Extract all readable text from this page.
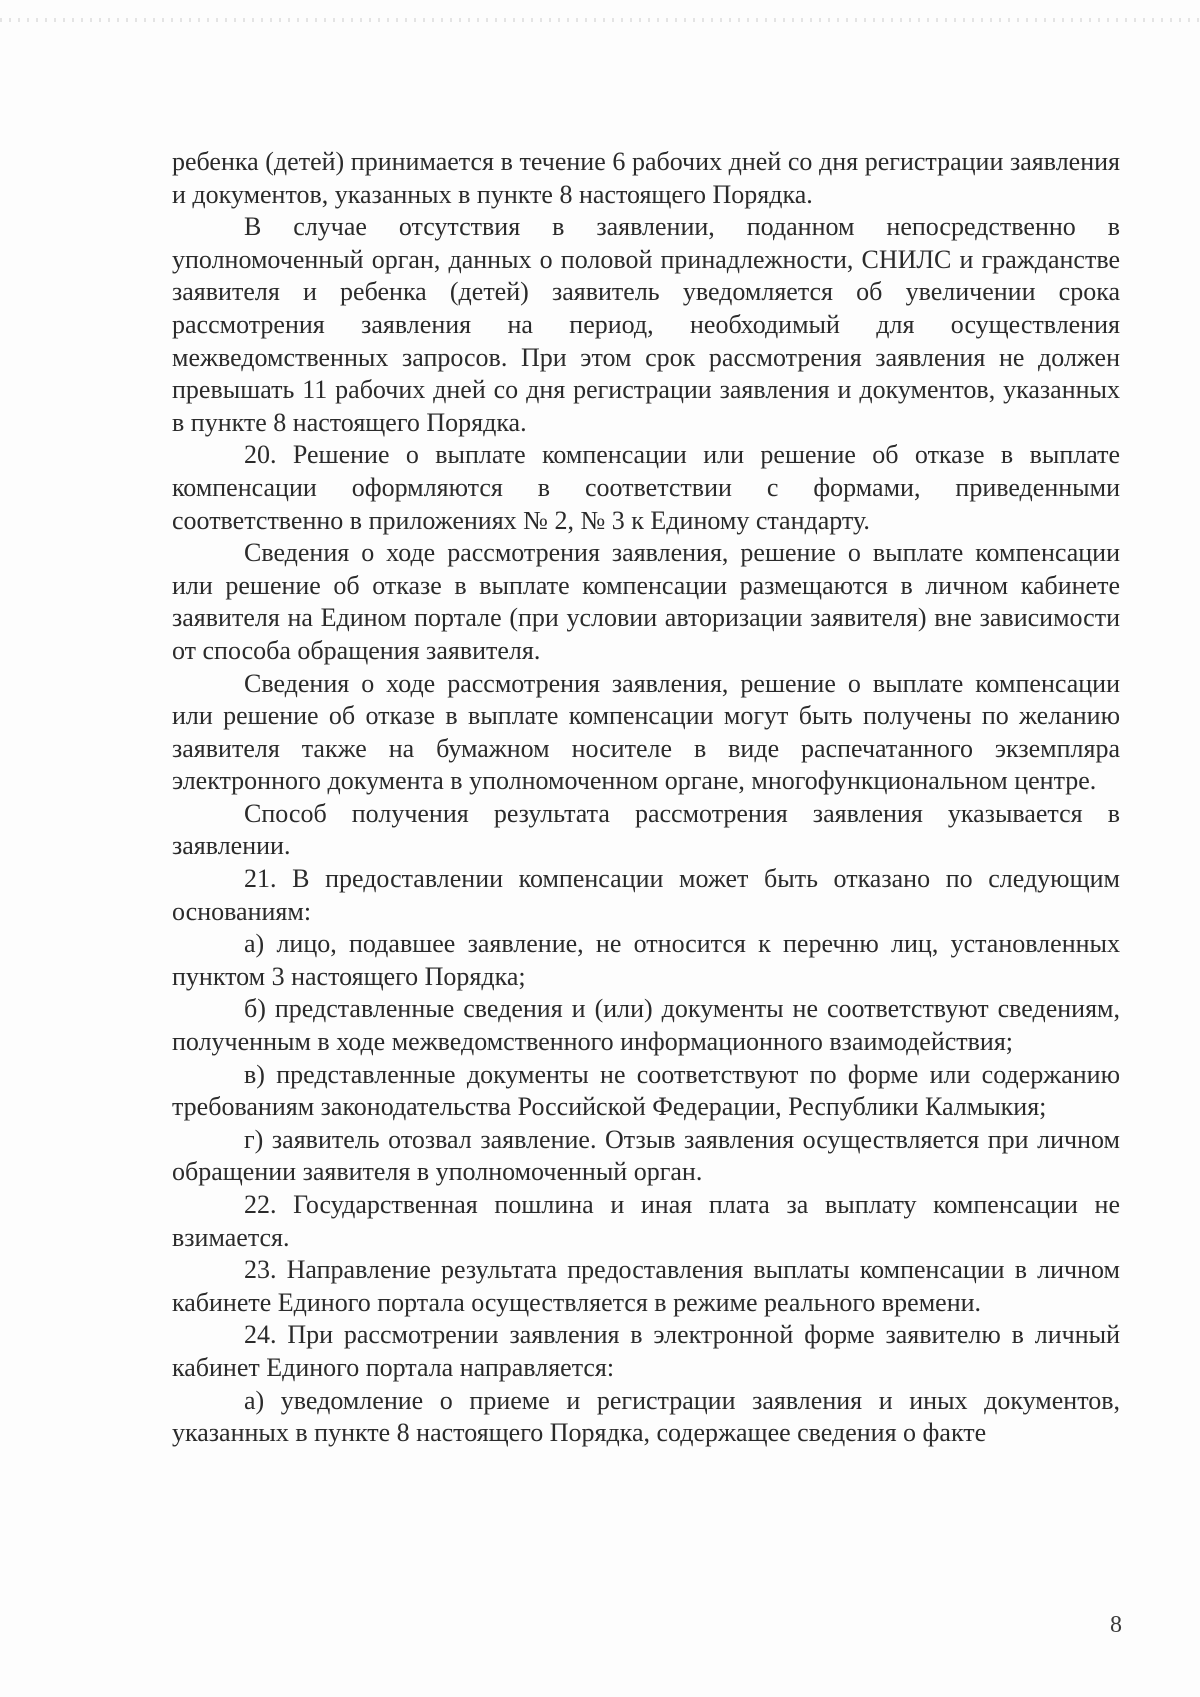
ребенка (детей) принимается в течение 6 рабочих дней со дня регистрации заявления и документов, указанных в пункте 8 настоящего Порядка.

В случае отсутствия в заявлении, поданном непосредственно в уполномоченный орган, данных о половой принадлежности, СНИЛС и гражданстве заявителя и ребенка (детей) заявитель уведомляется об увеличении срока рассмотрения заявления на период, необходимый для осуществления межведомственных запросов. При этом срок рассмотрения заявления не должен превышать 11 рабочих дней со дня регистрации заявления и документов, указанных в пункте 8 настоящего Порядка.

20. Решение о выплате компенсации или решение об отказе в выплате компенсации оформляются в соответствии с формами, приведенными соответственно в приложениях № 2, № 3 к Единому стандарту.

Сведения о ходе рассмотрения заявления, решение о выплате компенсации или решение об отказе в выплате компенсации размещаются в личном кабинете заявителя на Едином портале (при условии авторизации заявителя) вне зависимости от способа обращения заявителя.

Сведения о ходе рассмотрения заявления, решение о выплате компенсации или решение об отказе в выплате компенсации могут быть получены по желанию заявителя также на бумажном носителе в виде распечатанного экземпляра электронного документа в уполномоченном органе, многофункциональном центре.

Способ получения результата рассмотрения заявления указывается в заявлении.

21. В предоставлении компенсации может быть отказано по следующим основаниям:

а) лицо, подавшее заявление, не относится к перечню лиц, установленных пунктом 3 настоящего Порядка;

б) представленные сведения и (или) документы не соответствуют сведениям, полученным в ходе межведомственного информационного взаимодействия;

в) представленные документы не соответствуют по форме или содержанию требованиям законодательства Российской Федерации, Республики Калмыкия;

г) заявитель отозвал заявление. Отзыв заявления осуществляется при личном обращении заявителя в уполномоченный орган.

22. Государственная пошлина и иная плата за выплату компенсации не взимается.

23. Направление результата предоставления выплаты компенсации в личном кабинете Единого портала осуществляется в режиме реального времени.

24. При рассмотрении заявления в электронной форме заявителю в личный кабинет Единого портала направляется:

а) уведомление о приеме и регистрации заявления и иных документов, указанных в пункте 8 настоящего Порядка, содержащее сведения о факте

8
